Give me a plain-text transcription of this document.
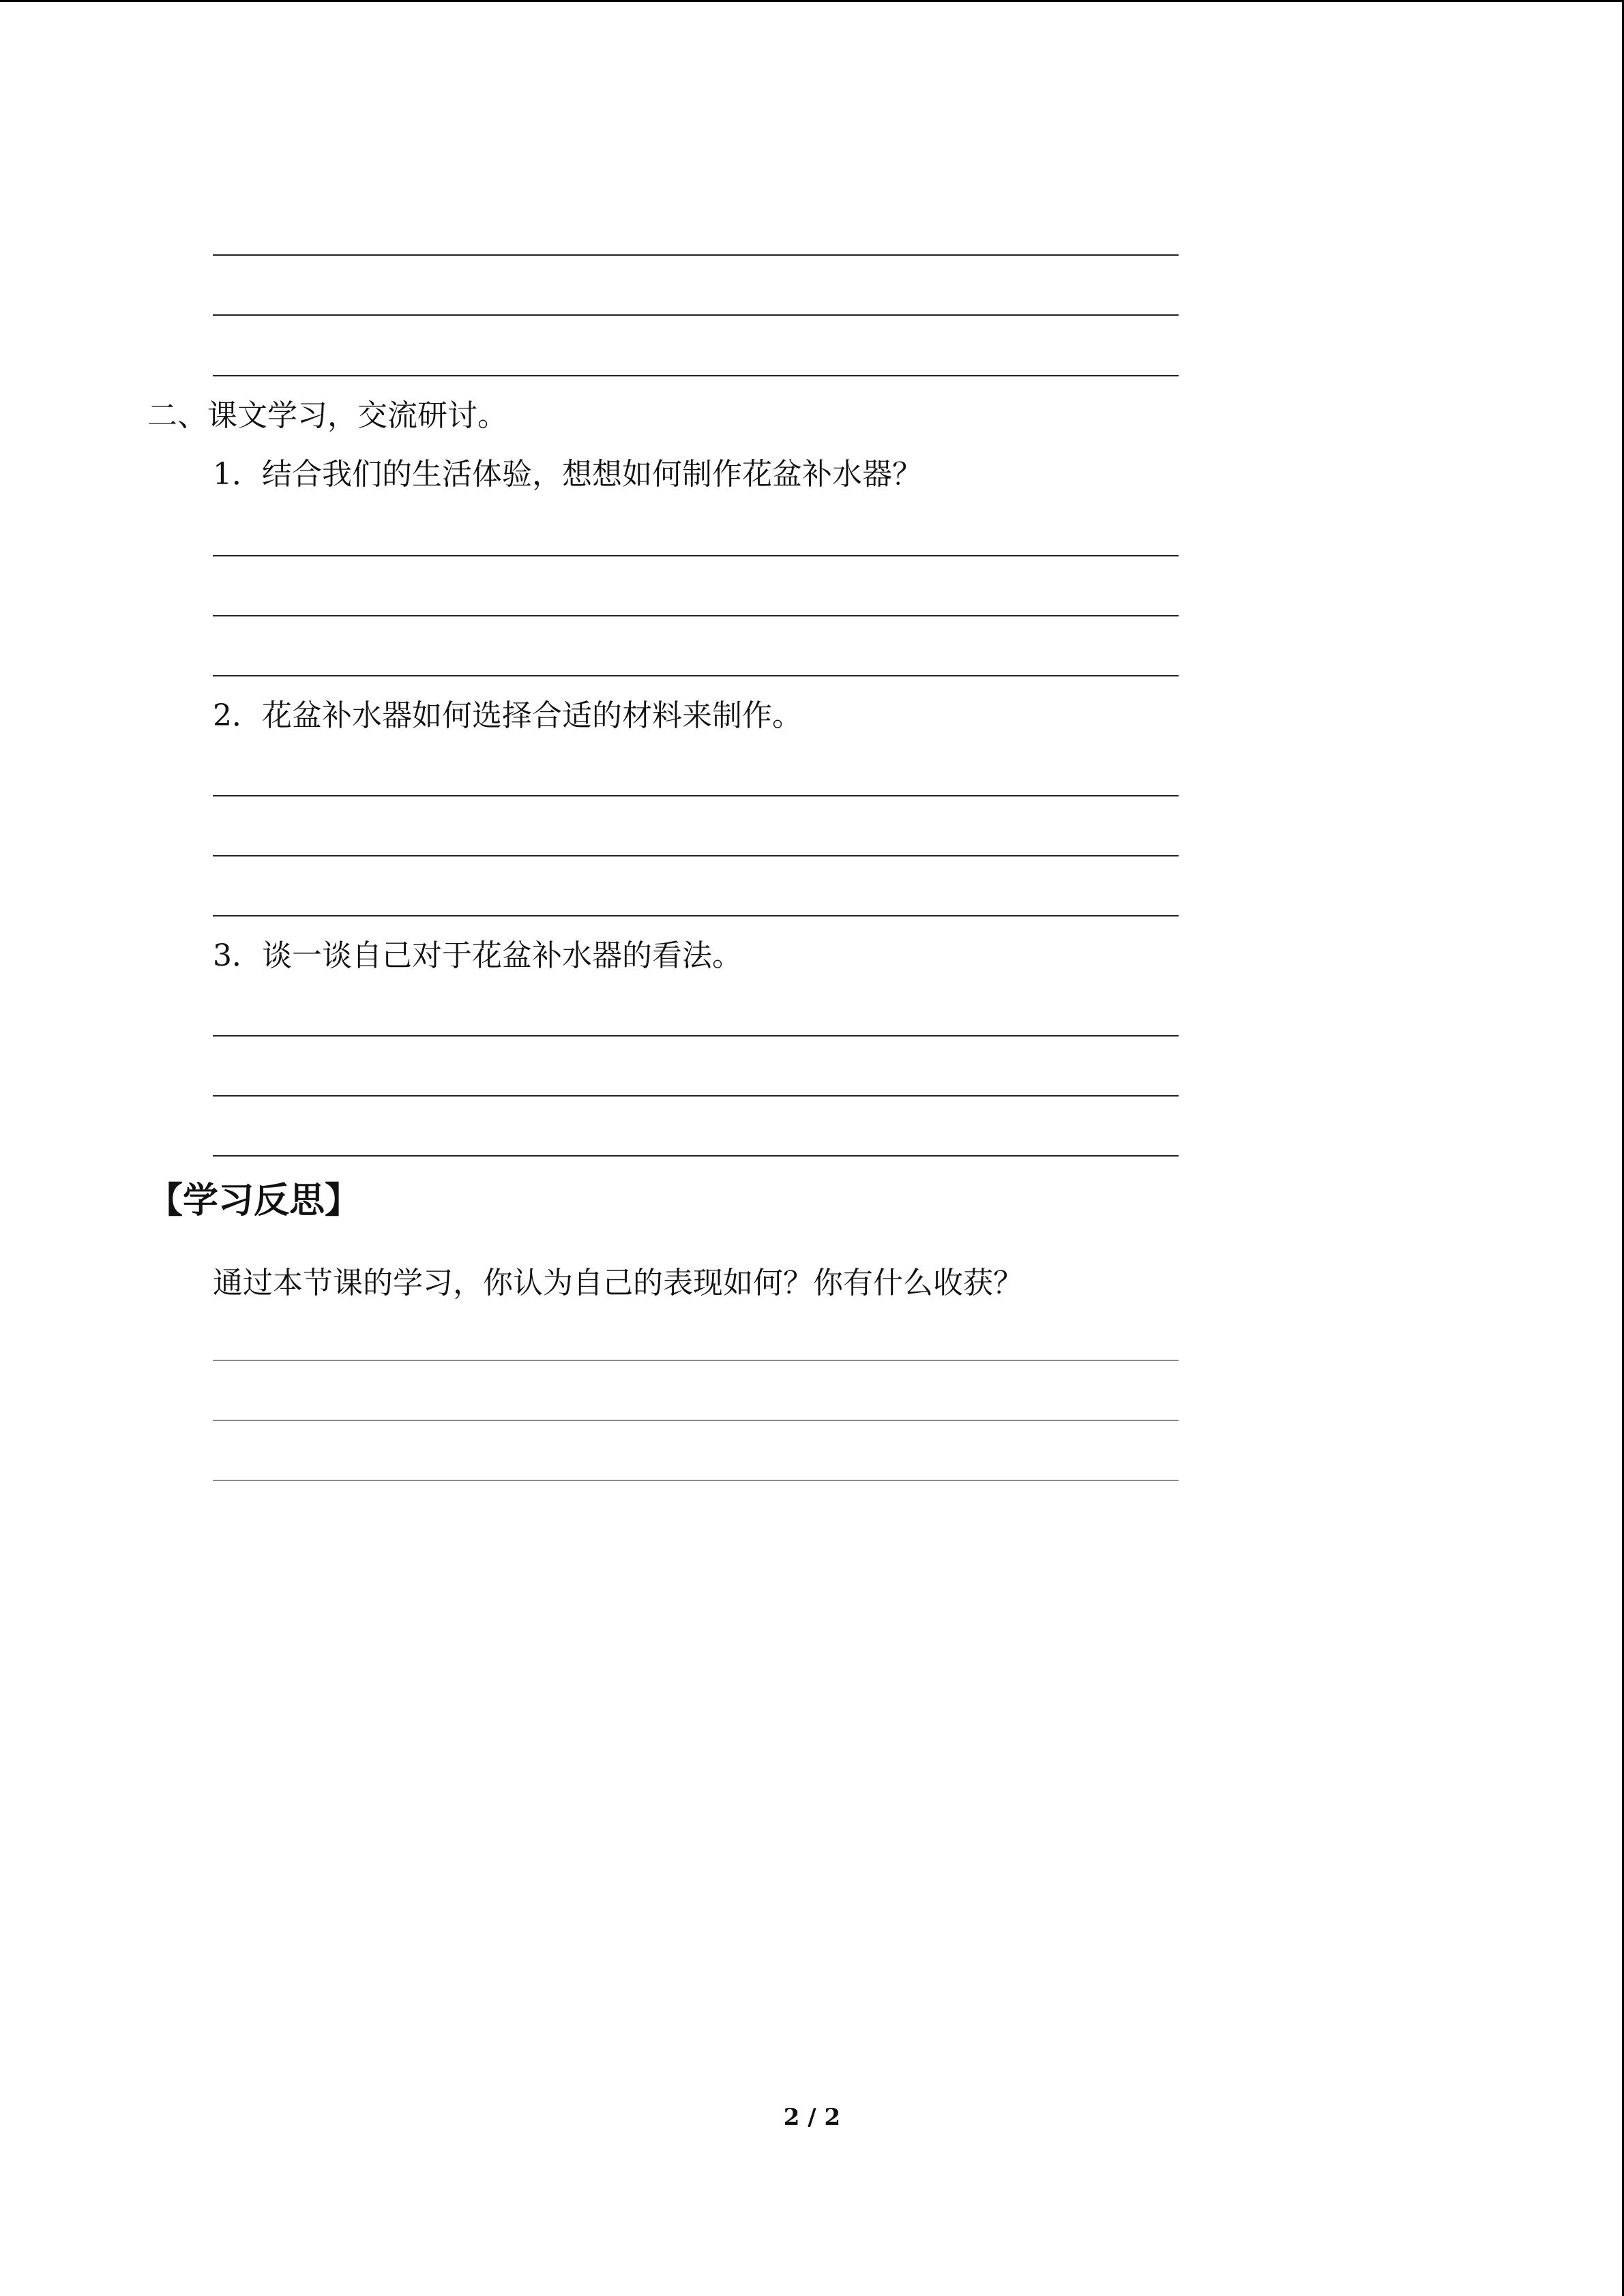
二、课文学习，交流研讨。
1．结合我们的生活体验，想想如何制作花盆补水器？
2．花盆补水器如何选择合适的材料来制作。
3．谈一谈自己对于花盆补水器的看法。
【学习反思】
通过本节课的学习，你认为自己的表现如何？你有什么收获？
2 / 2
